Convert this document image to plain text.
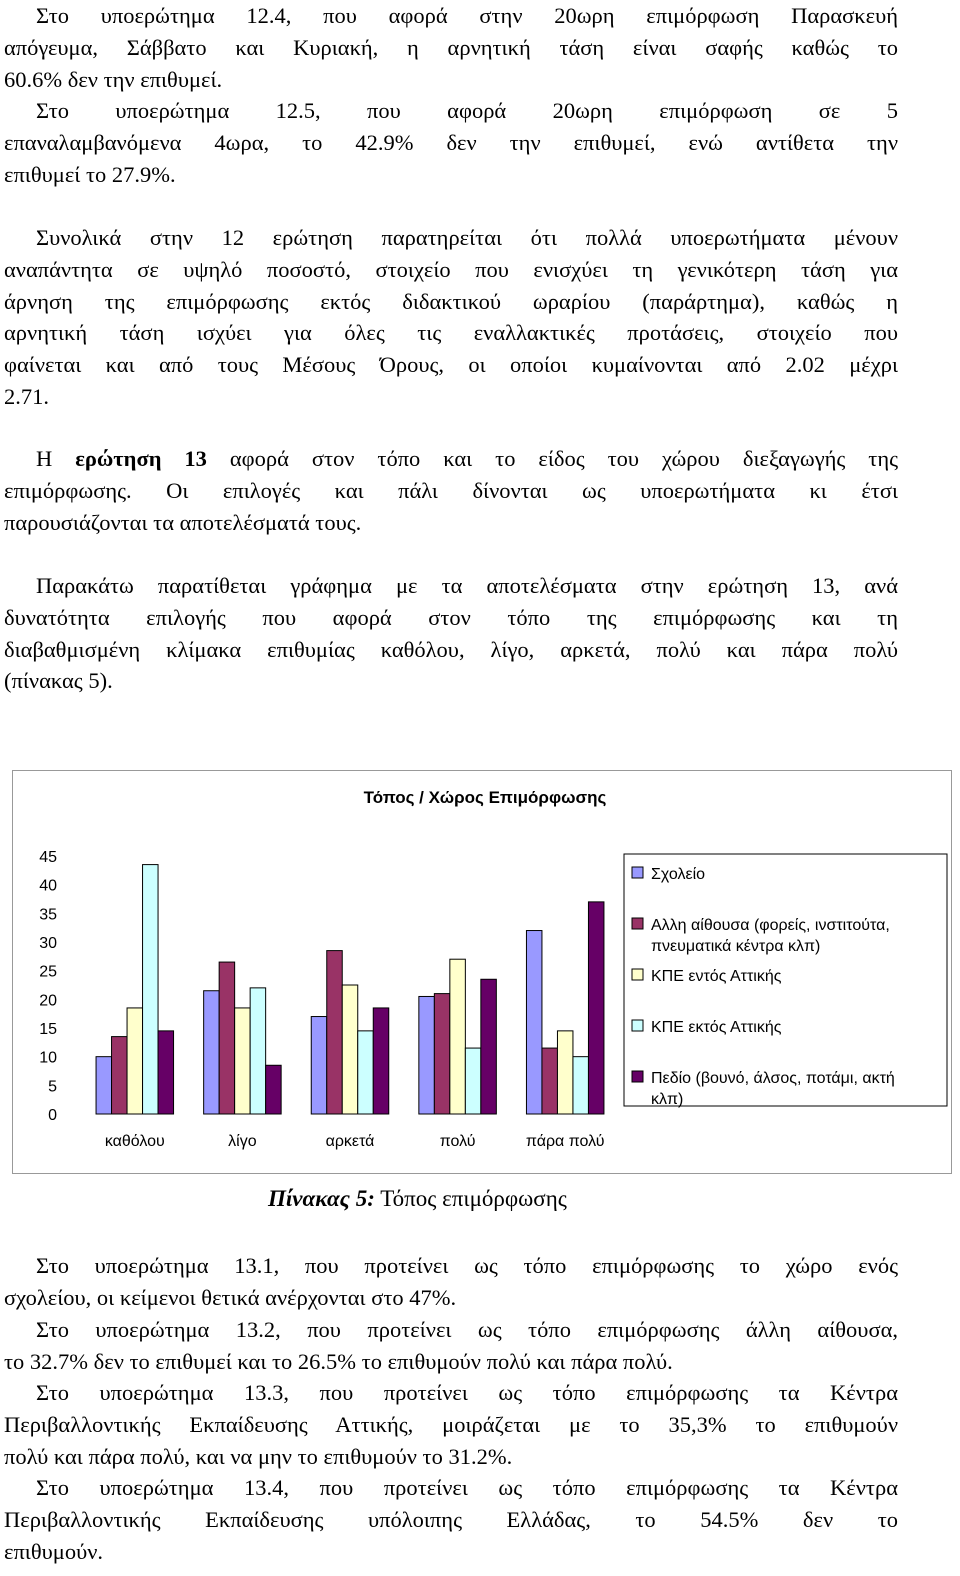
Στο υποερώτημα 12.4, που αφορά στην 20ωρη επιμόρφωση Παρασκευή
απόγευμα, Σάββατο και Κυριακή, η αρνητική τάση είναι σαφής καθώς το
60.6% δεν την επιθυμεί.
Στο υποερώτημα 12.5, που αφορά 20ωρη επιμόρφωση σε 5
επαναλαμβανόμενα 4ωρα, το 42.9% δεν την επιθυμεί, ενώ αντίθετα την
επιθυμεί το 27.9%.
Συνολικά στην 12 ερώτηση παρατηρείται ότι πολλά υποερωτήματα μένουν
αναπάντητα σε υψηλό ποσοστό, στοιχείο που ενισχύει τη γενικότερη τάση για
άρνηση της επιμόρφωσης εκτός διδακτικού ωραρίου (παράρτημα), καθώς η
αρνητική τάση ισχύει για όλες τις εναλλακτικές προτάσεις, στοιχείο που
φαίνεται και από τους Μέσους Όρους, οι οποίοι κυμαίνονται από 2.02 μέχρι
2.71.
Η ερώτηση 13 αφορά στον τόπο και το είδος του χώρου διεξαγωγής της
επιμόρφωσης. Οι επιλογές και πάλι δίνονται ως υποερωτήματα κι έτσι
παρουσιάζονται τα αποτελέσματά τους.
Παρακάτω παρατίθεται γράφημα με τα αποτελέσματα στην ερώτηση 13, ανά
δυνατότητα επιλογής που αφορά στον τόπο της επιμόρφωσης και τη
διαβαθμισμένη κλίμακα επιθυμίας καθόλου, λίγο, αρκετά, πολύ και πάρα πολύ
(πίνακας 5).
Τόπος / Χώρος Επιμόρφωσης
0
5
10
15
20
25
30
35
40
45
καθόλου	λίγο	αρκετά	πολύ	πάρα πολύ
Σχολείο
Αλλη αίθουσα (φορείς, ινστιτούτα,
πνευματικά κέντρα κλπ)
ΚΠΕ εντός Αττικής
ΚΠΕ εκτός Αττικής
Πεδίο (βουνό, άλσος, ποτάμι, ακτή
κλπ)
Πίνακας 5: Τόπος επιμόρφωσης
Στο υποερώτημα 13.1, που προτείνει ως τόπο επιμόρφωσης το χώρο ενός
σχολείου, οι κείμενοι θετικά ανέρχονται στο 47%.
Στο υποερώτημα 13.2, που προτείνει ως τόπο επιμόρφωσης άλλη αίθουσα,
το 32.7% δεν το επιθυμεί και το 26.5% το επιθυμούν πολύ και πάρα πολύ.
Στο υποερώτημα 13.3, που προτείνει ως τόπο επιμόρφωσης τα Κέντρα
Περιβαλλοντικής Εκπαίδευσης Αττικής, μοιράζεται με το 35,3% το επιθυμούν
πολύ και πάρα πολύ, και να μην το επιθυμούν το 31.2%.
Στο υποερώτημα 13.4, που προτείνει ως τόπο επιμόρφωσης τα Κέντρα
Περιβαλλοντικής Εκπαίδευσης υπόλοιπης Ελλάδας, το 54.5% δεν το
επιθυμούν.
